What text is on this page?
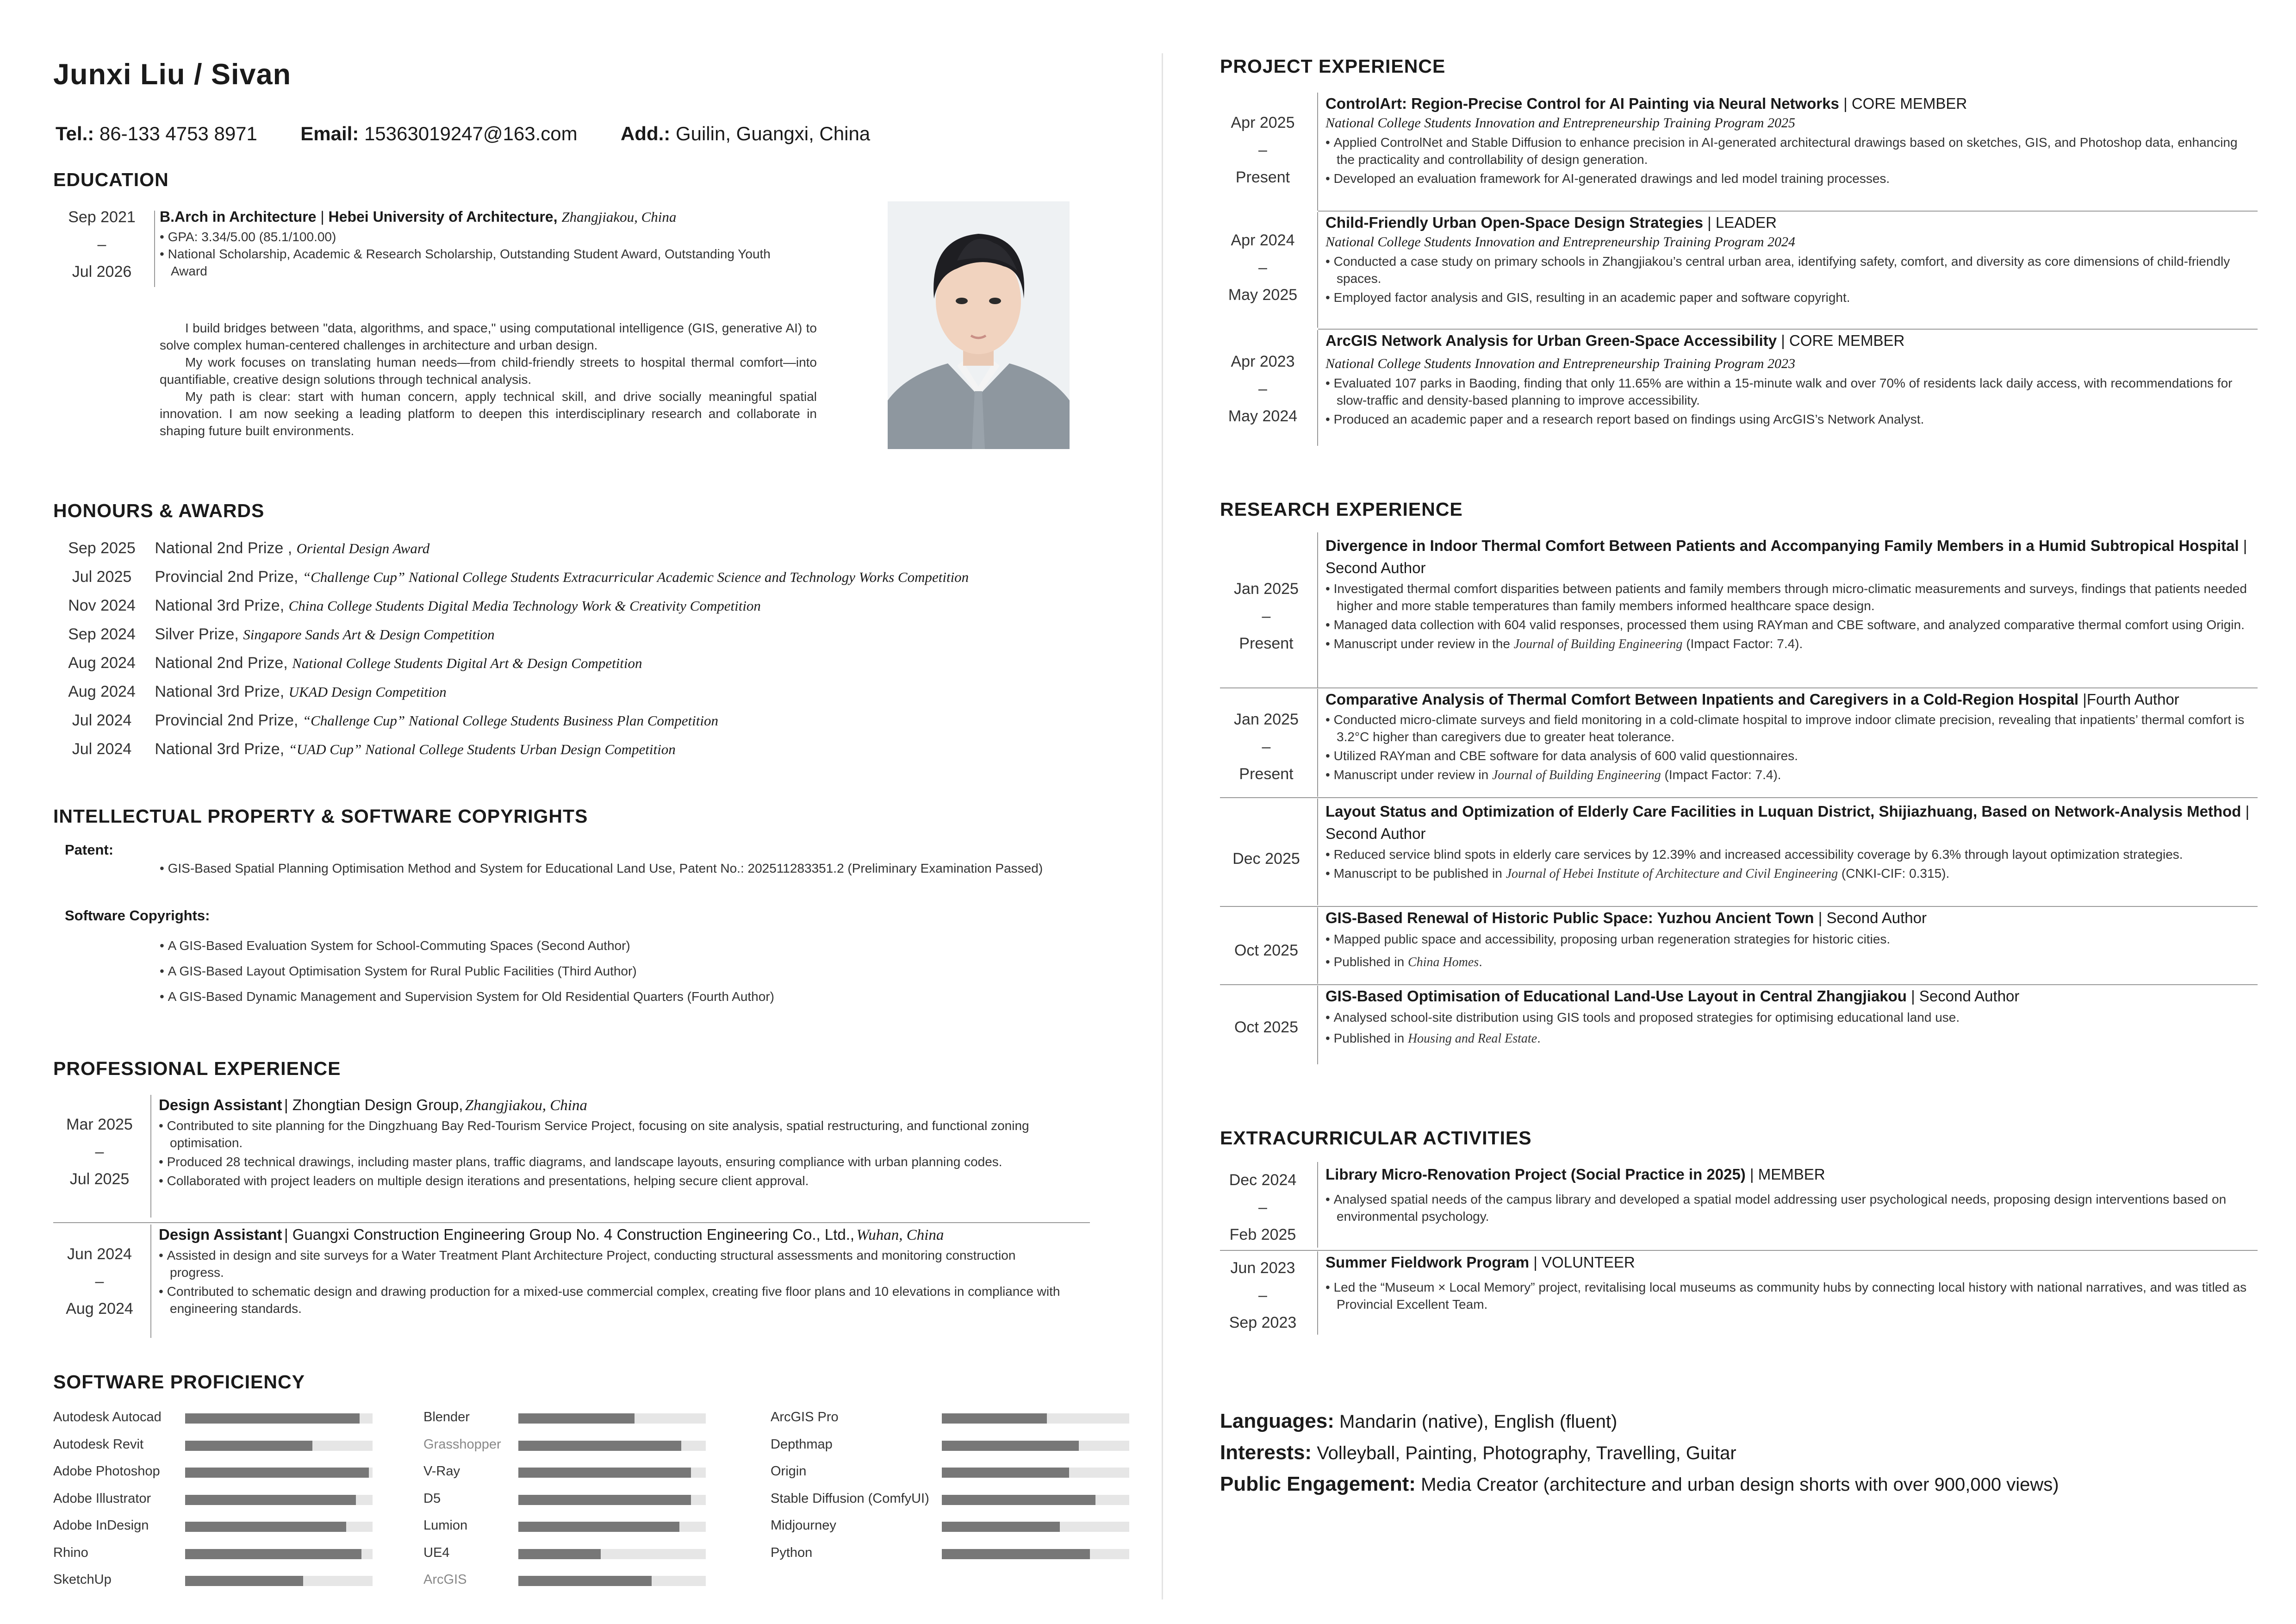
Junxi Liu / Sivan
Tel.: 86-133 4753 8971 Email: 15363019247@163.com Add.: Guilin, Guangxi, China
EDUCATION
Sep 2021
–
Jul 2026
B.Arch in Architecture | Hebei University of Architecture, Zhangjiakou, China
• GPA: 3.34/5.00 (85.1/100.00)
• National Scholarship, Academic & Research Scholarship, Outstanding Student Award, Outstanding Youth Award
I build bridges between "data, algorithms, and space," using computational intelligence (GIS, generative AI) to solve complex human-centered challenges in architecture and urban design.
My work focuses on translating human needs—from child-friendly streets to hospital thermal comfort—into quantifiable, creative design solutions through technical analysis.
My path is clear: start with human concern, apply technical skill, and drive socially meaningful spatial innovation. I am now seeking a leading platform to deepen this interdisciplinary research and collaborate in shaping future built environments.
HONOURS & AWARDS
Sep 2025 National 2nd Prize , Oriental Design Award
Jul 2025 Provincial 2nd Prize, “Challenge Cup” National College Students Extracurricular Academic Science and Technology Works Competition
Nov 2024 National 3rd Prize, China College Students Digital Media Technology Work & Creativity Competition
Sep 2024 Silver Prize, Singapore Sands Art & Design Competition
Aug 2024 National 2nd Prize, National College Students Digital Art & Design Competition
Aug 2024 National 3rd Prize, UKAD Design Competition
Jul 2024 Provincial 2nd Prize, “Challenge Cup” National College Students Business Plan Competition
Jul 2024 National 3rd Prize, “UAD Cup” National College Students Urban Design Competition
INTELLECTUAL PROPERTY & SOFTWARE COPYRIGHTS
Patent:
• GIS-Based Spatial Planning Optimisation Method and System for Educational Land Use, Patent No.: 202511283351.2 (Preliminary Examination Passed)
Software Copyrights:
• A GIS-Based Evaluation System for School-Commuting Spaces (Second Author)
• A GIS-Based Layout Optimisation System for Rural Public Facilities (Third Author)
• A GIS-Based Dynamic Management and Supervision System for Old Residential Quarters (Fourth Author)
PROFESSIONAL EXPERIENCE
Mar 2025
–
Jul 2025
Design Assistant | Zhongtian Design Group, Zhangjiakou, China
• Contributed to site planning for the Dingzhuang Bay Red-Tourism Service Project, focusing on site analysis, spatial restructuring, and functional zoning optimisation.
• Produced 28 technical drawings, including master plans, traffic diagrams, and landscape layouts, ensuring compliance with urban planning codes.
• Collaborated with project leaders on multiple design iterations and presentations, helping secure client approval.
Jun 2024
–
Aug 2024
Design Assistant | Guangxi Construction Engineering Group No. 4 Construction Engineering Co., Ltd., Wuhan, China
• Assisted in design and site surveys for a Water Treatment Plant Architecture Project, conducting structural assessments and monitoring construction progress.
• Contributed to schematic design and drawing production for a mixed-use commercial complex, creating five floor plans and 10 elevations in compliance with engineering standards.
SOFTWARE PROFICIENCY
Autodesk Autocad
Autodesk Revit
Adobe Photoshop
Adobe Illustrator
Adobe InDesign
Rhino
SketchUp
Blender
Grasshopper
V-Ray
D5
Lumion
UE4
ArcGIS
ArcGIS Pro
Depthmap
Origin
Stable Diffusion (ComfyUI)
Midjourney
Python
PROJECT EXPERIENCE
Apr 2025
–
Present
ControlArt: Region-Precise Control for AI Painting via Neural Networks | CORE MEMBER
National College Students Innovation and Entrepreneurship Training Program 2025
• Applied ControlNet and Stable Diffusion to enhance precision in AI-generated architectural drawings based on sketches, GIS, and Photoshop data, enhancing the practicality and controllability of design generation.
• Developed an evaluation framework for AI-generated drawings and led model training processes.
Apr 2024
–
May 2025
Child-Friendly Urban Open-Space Design Strategies | LEADER
National College Students Innovation and Entrepreneurship Training Program 2024
• Conducted a case study on primary schools in Zhangjiakou’s central urban area, identifying safety, comfort, and diversity as core dimensions of child-friendly spaces.
• Employed factor analysis and GIS, resulting in an academic paper and software copyright.
Apr 2023
–
May 2024
ArcGIS Network Analysis for Urban Green-Space Accessibility | CORE MEMBER
National College Students Innovation and Entrepreneurship Training Program 2023
• Evaluated 107 parks in Baoding, finding that only 11.65% are within a 15-minute walk and over 70% of residents lack daily access, with recommendations for slow-traffic and density-based planning to improve accessibility.
• Produced an academic paper and a research report based on findings using ArcGIS’s Network Analyst.
RESEARCH EXPERIENCE
Jan 2025
–
Present
Divergence in Indoor Thermal Comfort Between Patients and Accompanying Family Members in a Humid Subtropical Hospital | Second Author
• Investigated thermal comfort disparities between patients and family members through micro-climatic measurements and surveys, findings that patients needed higher and more stable temperatures than family members informed healthcare space design.
• Managed data collection with 604 valid responses, processed them using RAYman and CBE software, and analyzed comparative thermal comfort using Origin.
• Manuscript under review in the Journal of Building Engineering (Impact Factor: 7.4).
Jan 2025
–
Present
Comparative Analysis of Thermal Comfort Between Inpatients and Caregivers in a Cold-Region Hospital |Fourth Author
• Conducted micro-climate surveys and field monitoring in a cold-climate hospital to improve indoor climate precision, revealing that inpatients’ thermal comfort is 3.2°C higher than caregivers due to greater heat tolerance.
• Utilized RAYman and CBE software for data analysis of 600 valid questionnaires.
• Manuscript under review in Journal of Building Engineering (Impact Factor: 7.4).
Dec 2025
Layout Status and Optimization of Elderly Care Facilities in Luquan District, Shijiazhuang, Based on Network-Analysis Method | Second Author
• Reduced service blind spots in elderly care services by 12.39% and increased accessibility coverage by 6.3% through layout optimization strategies.
• Manuscript to be published in Journal of Hebei Institute of Architecture and Civil Engineering (CNKI-CIF: 0.315).
Oct 2025
GIS-Based Renewal of Historic Public Space: Yuzhou Ancient Town | Second Author
• Mapped public space and accessibility, proposing urban regeneration strategies for historic cities.
• Published in China Homes.
Oct 2025
GIS-Based Optimisation of Educational Land-Use Layout in Central Zhangjiakou | Second Author
• Analysed school-site distribution using GIS tools and proposed strategies for optimising educational land use.
• Published in Housing and Real Estate.
EXTRACURRICULAR ACTIVITIES
Dec 2024
–
Feb 2025
Library Micro-Renovation Project (Social Practice in 2025) | MEMBER
• Analysed spatial needs of the campus library and developed a spatial model addressing user psychological needs, proposing design interventions based on environmental psychology.
Jun 2023
–
Sep 2023
Summer Fieldwork Program | VOLUNTEER
• Led the “Museum × Local Memory” project, revitalising local museums as community hubs by connecting local history with national narratives, and was titled as Provincial Excellent Team.
Languages: Mandarin (native), English (fluent)
Interests: Volleyball, Painting, Photography, Travelling, Guitar
Public Engagement: Media Creator (architecture and urban design shorts with over 900,000 views)
